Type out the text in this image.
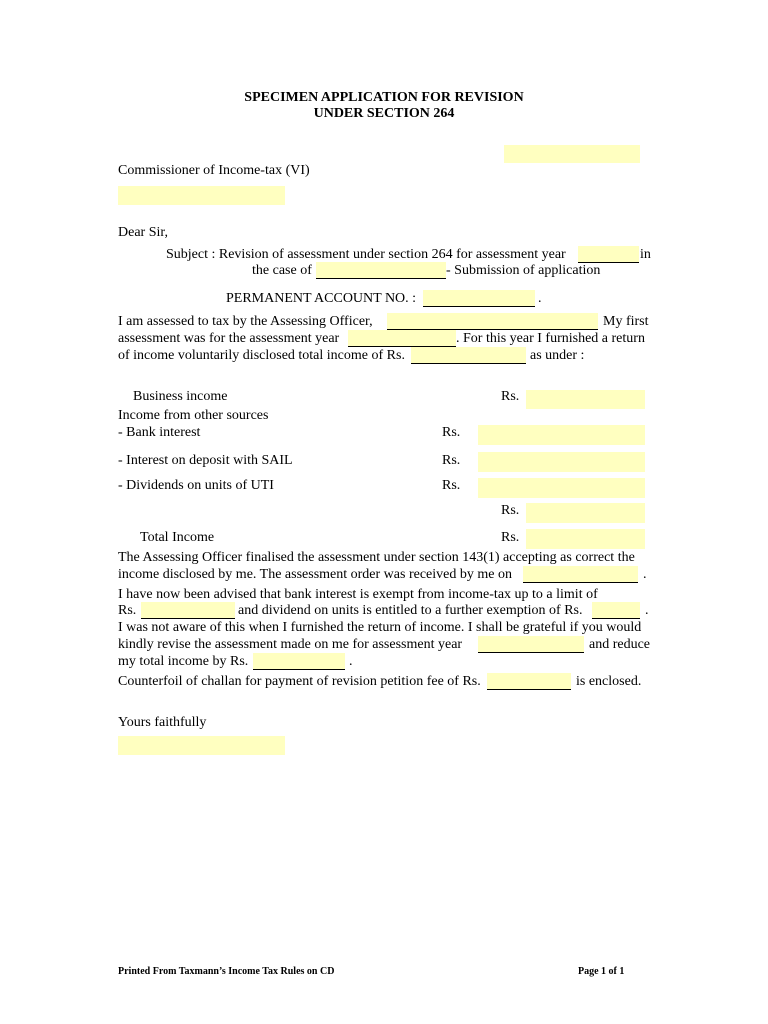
SPECIMEN APPLICATION FOR REVISION
UNDER SECTION 264
Commissioner of Income-tax (VI)
Dear Sir,
Subject : Revision of assessment under section 264 for assessment year	in
the case of	- Submission of application
PERMANENT ACCOUNT NO. :	.
I am assessed to tax by the Assessing Officer,	My first
assessment was for the assessment year	. For this year I furnished a return
of income voluntarily disclosed total income of Rs.	as under :
Business income	Rs.
Income from other sources
- Bank interest	Rs.
- Interest on deposit with SAIL	Rs.
- Dividends on units of UTI	Rs.
Rs.
Total Income	Rs.
The Assessing Officer finalised the assessment under section 143(1) accepting as correct the
income disclosed by me. The assessment order was received by me on	.
I have now been advised that bank interest is exempt from income-tax up to a limit of
Rs.	and dividend on units is entitled to a further exemption of Rs.	.
I was not aware of this when I furnished the return of income. I shall be grateful if you would
kindly revise the assessment made on me for assessment year	and reduce
my total income by Rs.	.
Counterfoil of challan for payment of revision petition fee of Rs.	is enclosed.
Yours faithfully
Printed From Taxmann’s Income Tax Rules on CD	Page 1 of 1
